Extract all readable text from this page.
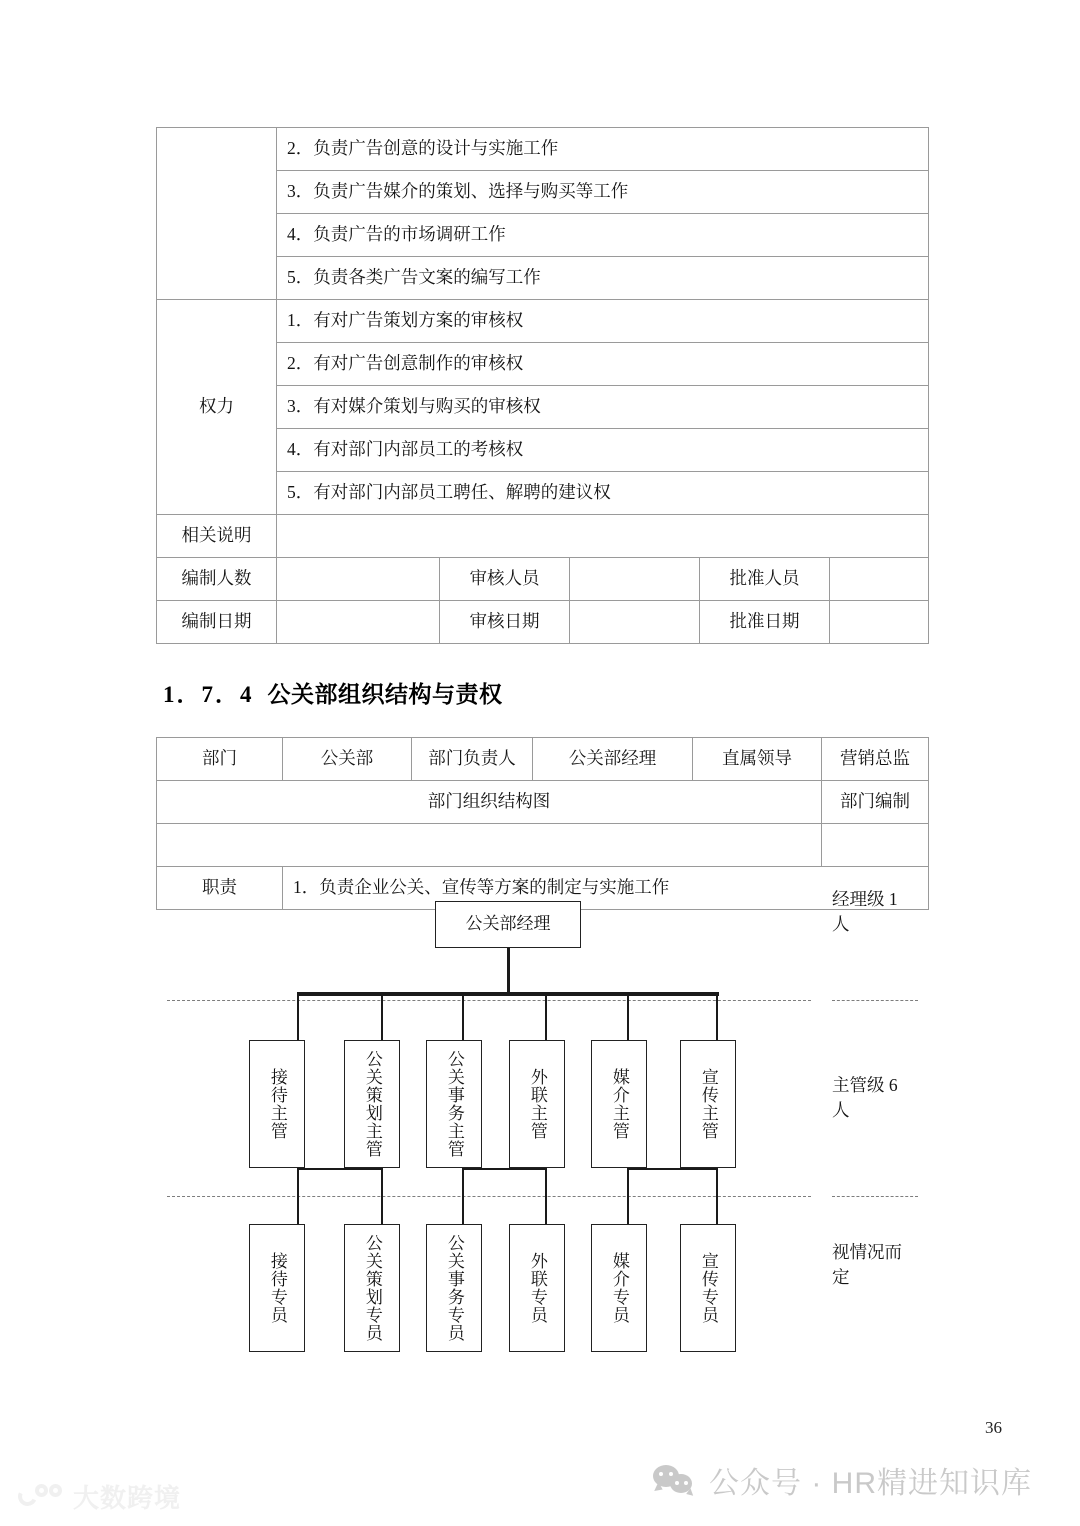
	2．负责广告创意的设计与实施工作				
	3．负责广告媒介的策划、选择与购买等工作				
	4．负责广告的市场调研工作				
	5．负责各类广告文案的编写工作				
权力	1．有对广告策划方案的审核权				
	2．有对广告创意制作的审核权				
	3．有对媒介策划与购买的审核权				
	4．有对部门内部员工的考核权				
	5．有对部门内部员工聘任、解聘的建议权				
相关说明					
编制人数		审核人员		批准人员	
编制日期		审核日期		批准日期	
1．7．4 公关部组织结构与责权
部门	公关部	部门负责人	公关部经理	直属领导	营销总监
部门组织结构图					部门编制

公关部经理
接待主管	公关策划主管	公关事务主管	外联主管	媒介主管	宣传主管
接待专员	公关策划专员	公关事务专员	外联专员	媒介专员	宣传专员

经理级 1 人
主管级 6 人
视情况而定

职责	1．负责企业公关、宣传等方案的制定与实施工作				
36
公众号 · HR精进知识库
大数跨境
